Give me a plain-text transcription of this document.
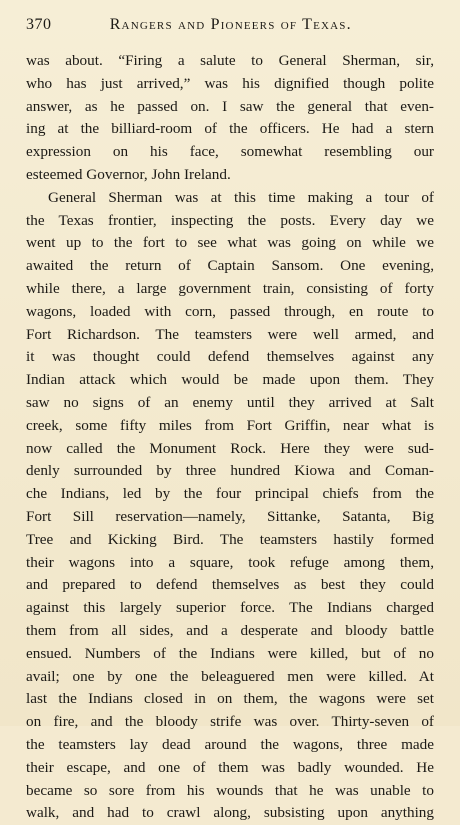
370	Rangers and Pioneers of Texas.
was about. “Firing a salute to General Sherman, sir,
who has just arrived,” was his dignified though polite
answer, as he passed on. I saw the general that even-
ing at the billiard-room of the officers. He had a stern
expression on his face, somewhat resembling our
esteemed Governor, John Ireland.
General Sherman was at this time making a tour of
the Texas frontier, inspecting the posts. Every day we
went up to the fort to see what was going on while we
awaited the return of Captain Sansom. One evening,
while there, a large government train, consisting of forty
wagons, loaded with corn, passed through, en route to
Fort Richardson. The teamsters were well armed, and
it was thought could defend themselves against any
Indian attack which would be made upon them. They
saw no signs of an enemy until they arrived at Salt
creek, some fifty miles from Fort Griffin, near what is
now called the Monument Rock. Here they were sud-
denly surrounded by three hundred Kiowa and Coman-
che Indians, led by the four principal chiefs from the
Fort Sill reservation—namely, Sittanke, Satanta, Big
Tree and Kicking Bird. The teamsters hastily formed
their wagons into a square, took refuge among them,
and prepared to defend themselves as best they could
against this largely superior force. The Indians charged
them from all sides, and a desperate and bloody battle
ensued. Numbers of the Indians were killed, but of no
avail; one by one the beleaguered men were killed. At
last the Indians closed in on them, the wagons were set
on fire, and the bloody strife was over. Thirty-seven of
the teamsters lay dead around the wagons, three made
their escape, and one of them was badly wounded. He
became so sore from his wounds that he was unable to
walk, and had to crawl along, subsisting upon anything
